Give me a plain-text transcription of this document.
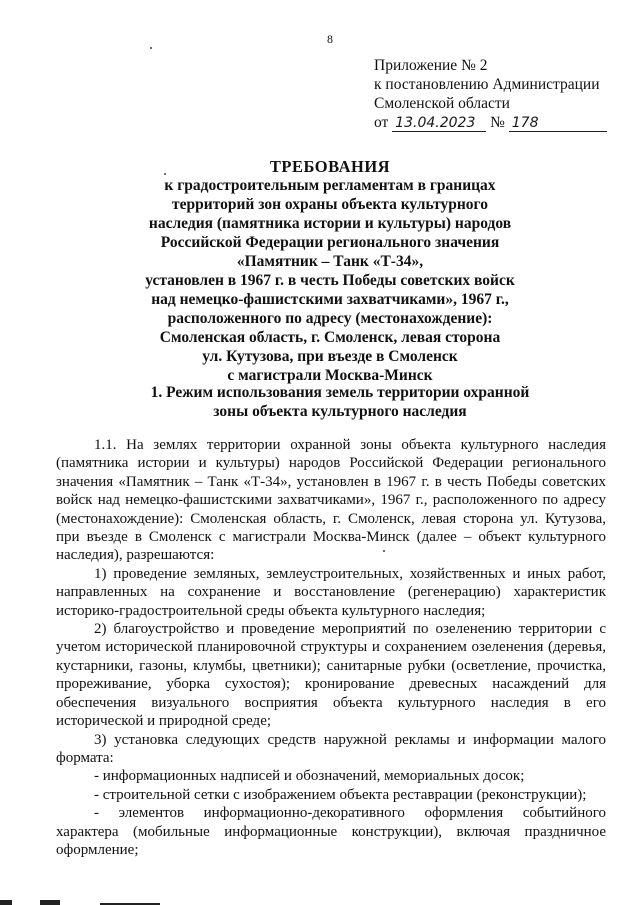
8
Приложение № 2
к постановлению Администрации
Смоленской области
от 13.04.2023 № 178
ТРЕБОВАНИЯ
к градостроительным регламентам в границах
территорий зон охраны объекта культурного
наследия (памятника истории и культуры) народов
Российской Федерации регионального значения
«Памятник – Танк «Т-34»,
установлен в 1967 г. в честь Победы советских войск
над немецко-фашистскими захватчиками», 1967 г.,
расположенного по адресу (местонахождение):
Смоленская область, г. Смоленск, левая сторона
ул. Кутузова, при въезде в Смоленск
с магистрали Москва-Минск
1. Режим использования земель территории охранной
зоны объекта культурного наследия

1.1. На землях территории охранной зоны объекта культурного наследия (памятника истории и культуры) народов Российской Федерации регионального значения «Памятник – Танк «Т-34», установлен в 1967 г. в честь Победы советских войск над немецко-фашистскими захватчиками», 1967 г., расположенного по адресу (местонахождение): Смоленская область, г. Смоленск, левая сторона ул. Кутузова, при въезде в Смоленск с магистрали Москва-Минск (далее – объект культурного наследия), разрешаются:

1) проведение земляных, землеустроительных, хозяйственных и иных работ, направленных на сохранение и восстановление (регенерацию) характеристик историко-градостроительной среды объекта культурного наследия;

2) благоустройство и проведение мероприятий по озеленению территории с учетом исторической планировочной структуры и сохранением озеленения (деревья, кустарники, газоны, клумбы, цветники); санитарные рубки (осветление, прочистка, прореживание, уборка сухостоя); кронирование древесных насаждений для обеспечения визуального восприятия объекта культурного наследия в его исторической и природной среде;

3) установка следующих средств наружной рекламы и информации малого формата:

- информационных надписей и обозначений, мемориальных досок;

- строительной сетки с изображением объекта реставрации (реконструкции);

- элементов информационно-декоративного оформления событийного характера (мобильные информационные конструкции), включая праздничное оформление;
